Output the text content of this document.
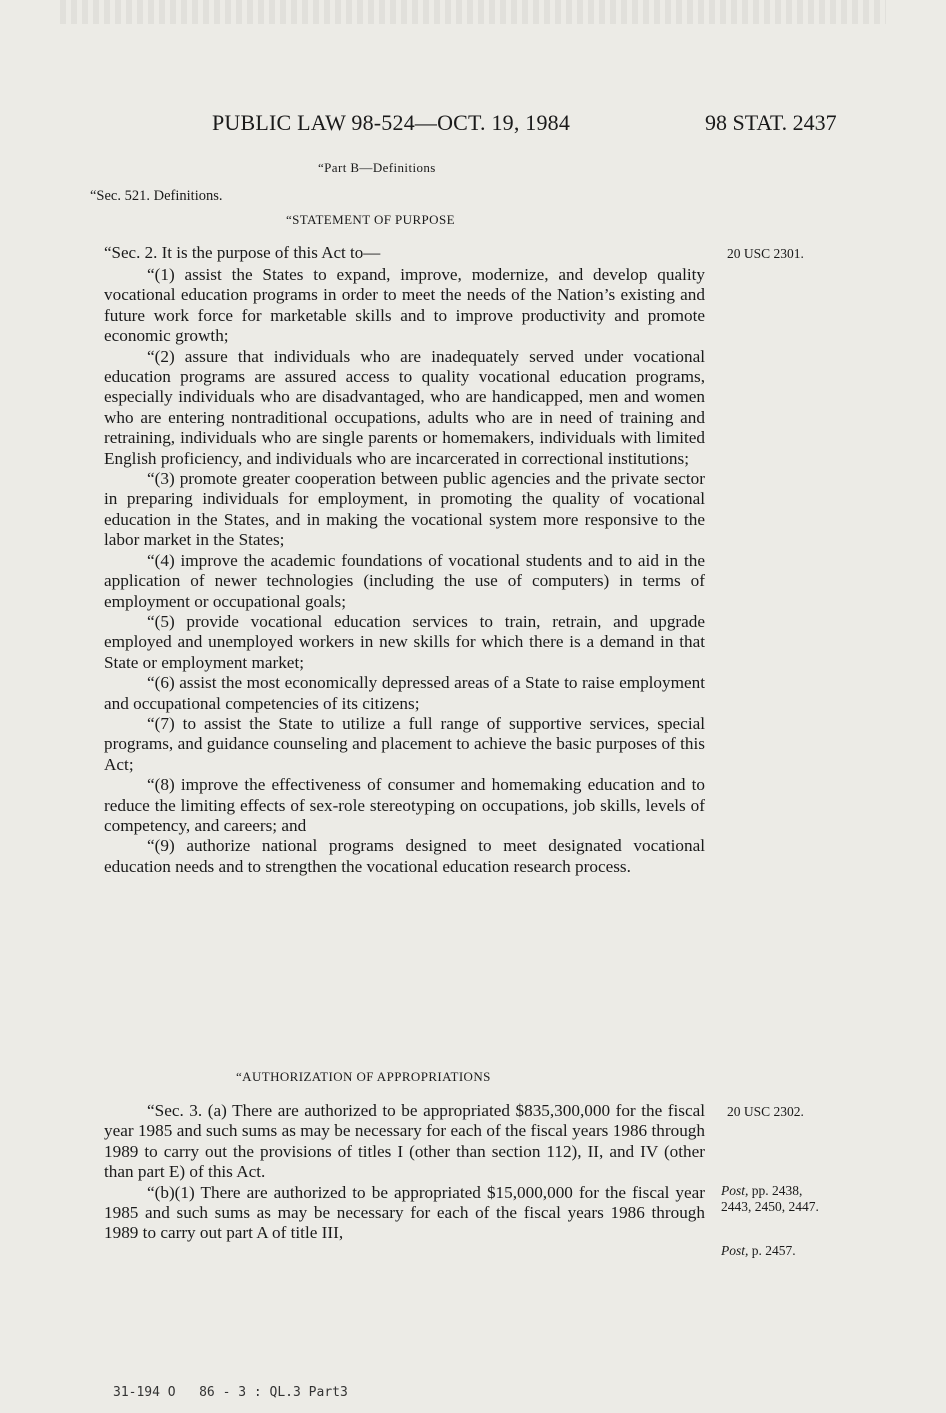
PUBLIC LAW 98-524—OCT. 19, 1984	98 STAT. 2437
“Part B—Definitions
“Sec. 521. Definitions.
“STATEMENT OF PURPOSE
“Sec. 2. It is the purpose of this Act to—	20 USC 2301.

“(1) assist the States to expand, improve, modernize, and develop quality vocational education programs in order to meet the needs of the Nation’s existing and future work force for marketable skills and to improve productivity and promote economic growth;

“(2) assure that individuals who are inadequately served under vocational education programs are assured access to quality vocational education programs, especially individuals who are disadvantaged, who are handicapped, men and women who are entering nontraditional occupations, adults who are in need of training and retraining, individuals who are single parents or homemakers, individuals with limited English proficiency, and individuals who are incarcerated in correctional institutions;

“(3) promote greater cooperation between public agencies and the private sector in preparing individuals for employment, in promoting the quality of vocational education in the States, and in making the vocational system more responsive to the labor market in the States;

“(4) improve the academic foundations of vocational students and to aid in the application of newer technologies (including the use of computers) in terms of employment or occupational goals;

“(5) provide vocational education services to train, retrain, and upgrade employed and unemployed workers in new skills for which there is a demand in that State or employment market;

“(6) assist the most economically depressed areas of a State to raise employment and occupational competencies of its citizens;

“(7) to assist the State to utilize a full range of supportive services, special programs, and guidance counseling and placement to achieve the basic purposes of this Act;

“(8) improve the effectiveness of consumer and homemaking education and to reduce the limiting effects of sex-role stereotyping on occupations, job skills, levels of competency, and careers; and

“(9) authorize national programs designed to meet designated vocational education needs and to strengthen the vocational education research process.

“AUTHORIZATION OF APPROPRIATIONS

“Sec. 3. (a) There are authorized to be appropriated $835,300,000 for the fiscal year 1985 and such sums as may be necessary for each of the fiscal years 1986 through 1989 to carry out the provisions of titles I (other than section 112), II, and IV (other than part E) of this Act.

“(b)(1) There are authorized to be appropriated $15,000,000 for the fiscal year 1985 and such sums as may be necessary for each of the fiscal years 1986 through 1989 to carry out part A of title III,

20 USC 2302.
Post, pp. 2438,
2443, 2450, 2447.
Post, p. 2457.
31-194 O   86 - 3 : QL.3 Part3
